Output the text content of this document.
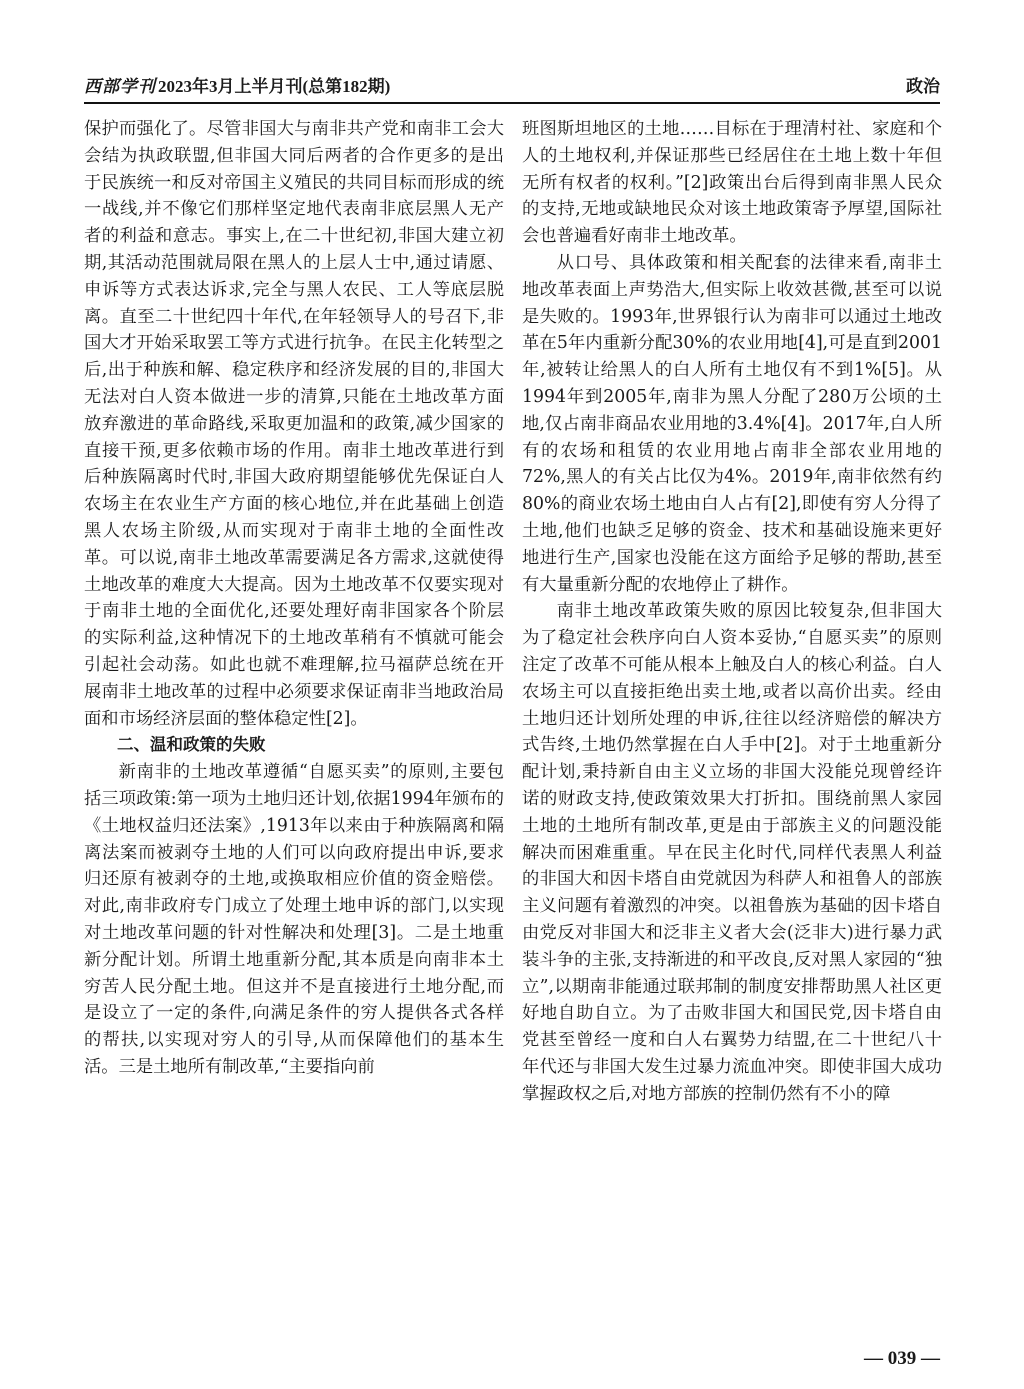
西部学刊 2023年3月上半月刊(总第182期)	政治

保护而强化了。尽管非国大与南非共产党和南非工会大会结为执政联盟,但非国大同后两者的合作更多的是出于民族统一和反对帝国主义殖民的共同目标而形成的统一战线,并不像它们那样坚定地代表南非底层黑人无产者的利益和意志。事实上,在二十世纪初,非国大建立初期,其活动范围就局限在黑人的上层人士中,通过请愿、申诉等方式表达诉求,完全与黑人农民、工人等底层脱离。直至二十世纪四十年代,在年轻领导人的号召下,非国大才开始采取罢工等方式进行抗争。在民主化转型之后,出于种族和解、稳定秩序和经济发展的目的,非国大无法对白人资本做进一步的清算,只能在土地改革方面放弃激进的革命路线,采取更加温和的政策,减少国家的直接干预,更多依赖市场的作用。南非土地改革进行到后种族隔离时代时,非国大政府期望能够优先保证白人农场主在农业生产方面的核心地位,并在此基础上创造黑人农场主阶级,从而实现对于南非土地的全面性改革。可以说,南非土地改革需要满足各方需求,这就使得土地改革的难度大大提高。因为土地改革不仅要实现对于南非土地的全面优化,还要处理好南非国家各个阶层的实际利益,这种情况下的土地改革稍有不慎就可能会引起社会动荡。如此也就不难理解,拉马福萨总统在开展南非土地改革的过程中必须要求保证南非当地政治局面和市场经济层面的整体稳定性[2]。

二、温和政策的失败

新南非的土地改革遵循“自愿买卖”的原则,主要包括三项政策:第一项为土地归还计划,依据1994年颁布的《土地权益归还法案》,1913年以来由于种族隔离和隔离法案而被剥夺土地的人们可以向政府提出申诉,要求归还原有被剥夺的土地,或换取相应价值的资金赔偿。对此,南非政府专门成立了处理土地申诉的部门,以实现对土地改革问题的针对性解决和处理[3]。二是土地重新分配计划。所谓土地重新分配,其本质是向南非本土穷苦人民分配土地。但这并不是直接进行土地分配,而是设立了一定的条件,向满足条件的穷人提供各式各样的帮扶,以实现对穷人的引导,从而保障他们的基本生活。三是土地所有制改革,“主要指向前

班图斯坦地区的土地……目标在于理清村社、家庭和个人的土地权利,并保证那些已经居住在土地上数十年但无所有权者的权利。”[2]政策出台后得到南非黑人民众的支持,无地或缺地民众对该土地政策寄予厚望,国际社会也普遍看好南非土地改革。

从口号、具体政策和相关配套的法律来看,南非土地改革表面上声势浩大,但实际上收效甚微,甚至可以说是失败的。1993年,世界银行认为南非可以通过土地改革在5年内重新分配30%的农业用地[4],可是直到2001年,被转让给黑人的白人所有土地仅有不到1%[5]。从1994年到2005年,南非为黑人分配了280万公顷的土地,仅占南非商品农业用地的3.4%[4]。2017年,白人所有的农场和租赁的农业用地占南非全部农业用地的72%,黑人的有关占比仅为4%。2019年,南非依然有约80%的商业农场土地由白人占有[2],即使有穷人分得了土地,他们也缺乏足够的资金、技术和基础设施来更好地进行生产,国家也没能在这方面给予足够的帮助,甚至有大量重新分配的农地停止了耕作。

南非土地改革政策失败的原因比较复杂,但非国大为了稳定社会秩序向白人资本妥协,“自愿买卖”的原则注定了改革不可能从根本上触及白人的核心利益。白人农场主可以直接拒绝出卖土地,或者以高价出卖。经由土地归还计划所处理的申诉,往往以经济赔偿的解决方式告终,土地仍然掌握在白人手中[2]。对于土地重新分配计划,秉持新自由主义立场的非国大没能兑现曾经许诺的财政支持,使政策效果大打折扣。围绕前黑人家园土地的土地所有制改革,更是由于部族主义的问题没能解决而困难重重。早在民主化时代,同样代表黑人利益的非国大和因卡塔自由党就因为科萨人和祖鲁人的部族主义问题有着激烈的冲突。以祖鲁族为基础的因卡塔自由党反对非国大和泛非主义者大会(泛非大)进行暴力武装斗争的主张,支持渐进的和平改良,反对黑人家园的“独立”,以期南非能通过联邦制的制度安排帮助黑人社区更好地自助自立。为了击败非国大和国民党,因卡塔自由党甚至曾经一度和白人右翼势力结盟,在二十世纪八十年代还与非国大发生过暴力流血冲突。即使非国大成功掌握政权之后,对地方部族的控制仍然有不小的障

— 039 —
